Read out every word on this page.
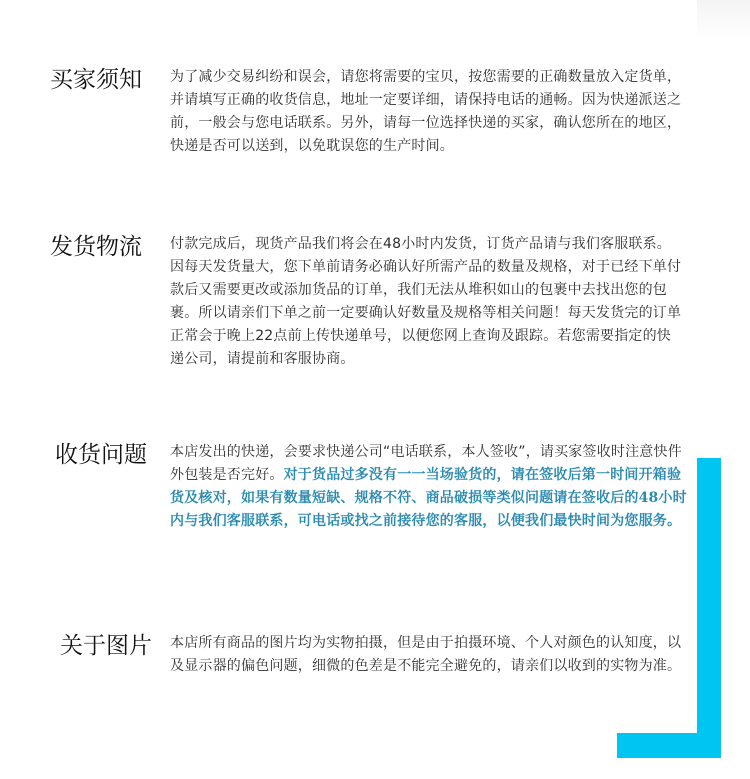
买家须知	为了减少交易纠纷和误会，请您将需要的宝贝，按您需要的正确数量放入定货单，并请填写正确的收货信息，地址一定要详细，请保持电话的通畅。因为快递派送之前，一般会与您电话联系。另外，请每一位选择快递的买家，确认您所在的地区，快递是否可以送到，以免耽误您的生产时间。
发货物流	付款完成后，现货产品我们将会在48小时内发货，订货产品请与我们客服联系。因每天发货量大，您下单前请务必确认好所需产品的数量及规格，对于已经下单付款后又需要更改或添加货品的订单，我们无法从堆积如山的包裹中去找出您的包裹。所以请亲们下单之前一定要确认好数量及规格等相关问题！每天发货完的订单正常会于晚上22点前上传快递单号，以便您网上查询及跟踪。若您需要指定的快递公司，请提前和客服协商。
收货问题	本店发出的快递，会要求快递公司“电话联系，本人签收”，请买家签收时注意快件外包装是否完好。对于货品过多没有一一当场验货的，请在签收后第一时间开箱验货及核对，如果有数量短缺、规格不符、商品破损等类似问题请在签收后的48小时内与我们客服联系，可电话或找之前接待您的客服，以便我们最快时间为您服务。
关于图片	本店所有商品的图片均为实物拍摄，但是由于拍摄环境、个人对颜色的认知度，以及显示器的偏色问题，细微的色差是不能完全避免的，请亲们以收到的实物为准。
